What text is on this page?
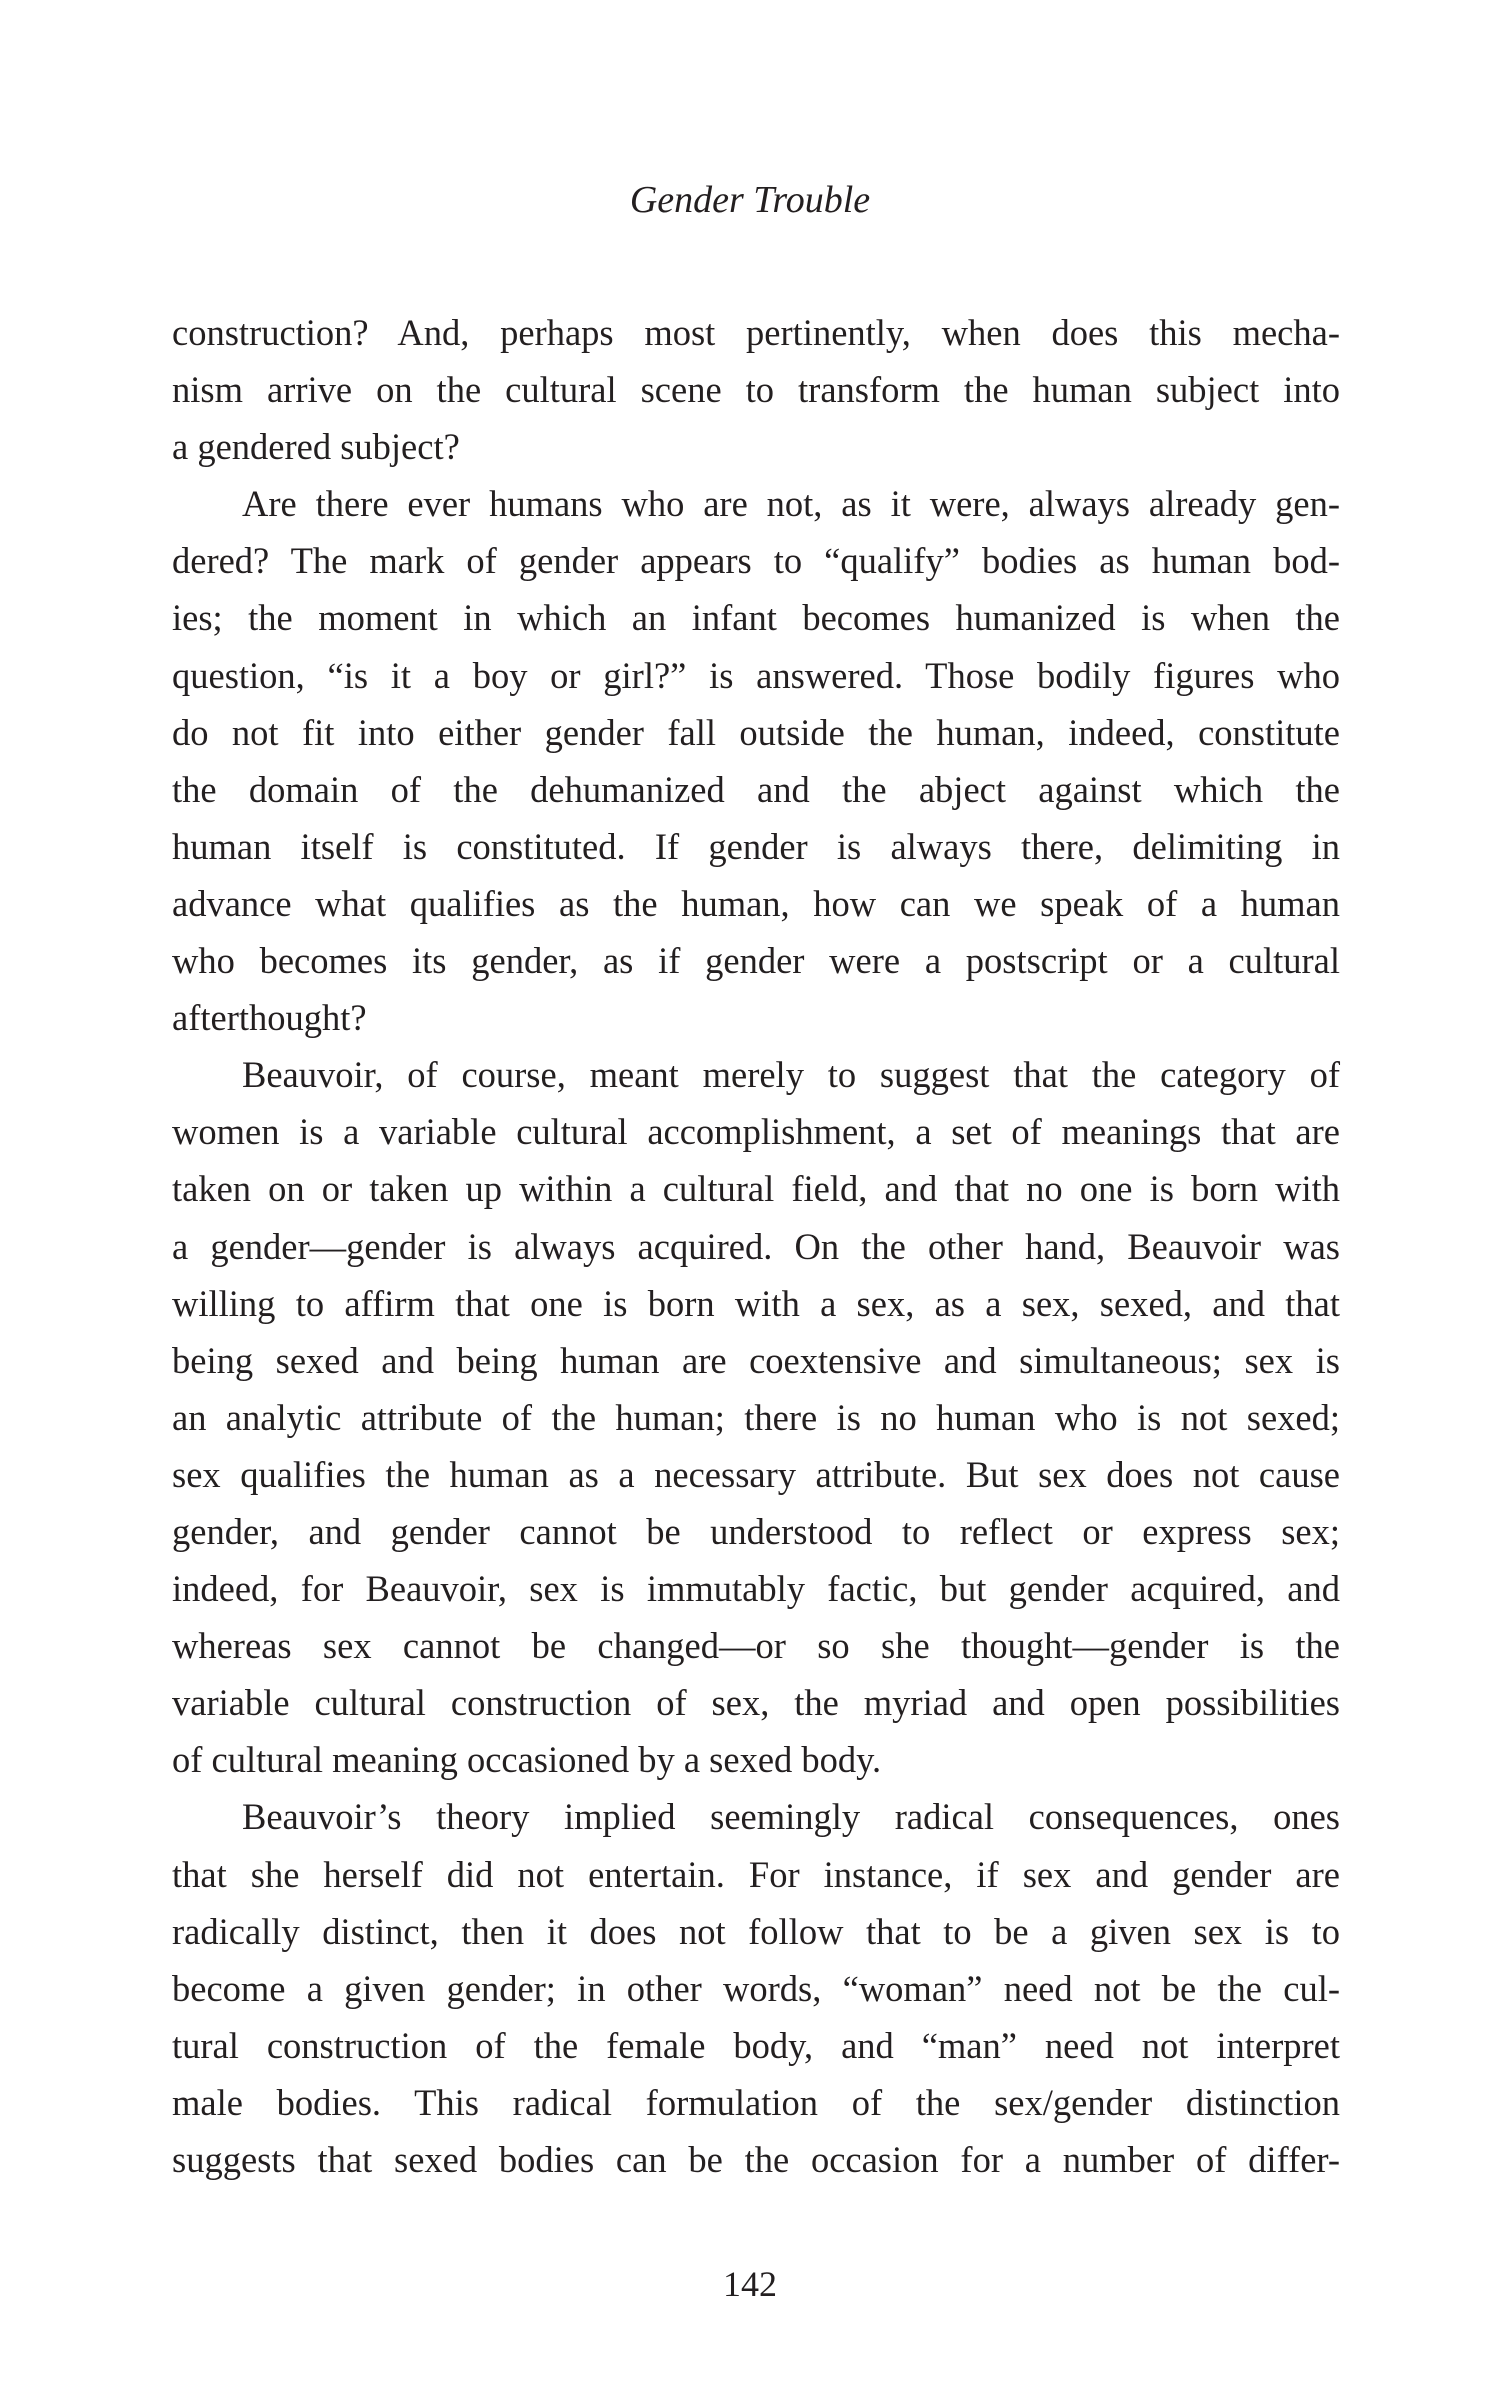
Gender Trouble
construction? And, perhaps most pertinently, when does this mecha-
nism arrive on the cultural scene to transform the human subject into
a gendered subject?
Are there ever humans who are not, as it were, always already gen-
dered? The mark of gender appears to “qualify” bodies as human bod-
ies; the moment in which an infant becomes humanized is when the
question, “is it a boy or girl?” is answered. Those bodily figures who
do not fit into either gender fall outside the human, indeed, constitute
the domain of the dehumanized and the abject against which the
human itself is constituted. If gender is always there, delimiting in
advance what qualifies as the human, how can we speak of a human
who becomes its gender, as if gender were a postscript or a cultural
afterthought?
Beauvoir, of course, meant merely to suggest that the category of
women is a variable cultural accomplishment, a set of meanings that are
taken on or taken up within a cultural field, and that no one is born with
a gender—gender is always acquired. On the other hand, Beauvoir was
willing to affirm that one is born with a sex, as a sex, sexed, and that
being sexed and being human are coextensive and simultaneous; sex is
an analytic attribute of the human; there is no human who is not sexed;
sex qualifies the human as a necessary attribute. But sex does not cause
gender, and gender cannot be understood to reflect or express sex;
indeed, for Beauvoir, sex is immutably factic, but gender acquired, and
whereas sex cannot be changed—or so she thought—gender is the
variable cultural construction of sex, the myriad and open possibilities
of cultural meaning occasioned by a sexed body.
Beauvoir’s theory implied seemingly radical consequences, ones
that she herself did not entertain. For instance, if sex and gender are
radically distinct, then it does not follow that to be a given sex is to
become a given gender; in other words, “woman” need not be the cul-
tural construction of the female body, and “man” need not interpret
male bodies. This radical formulation of the sex/gender distinction
suggests that sexed bodies can be the occasion for a number of differ-
142
